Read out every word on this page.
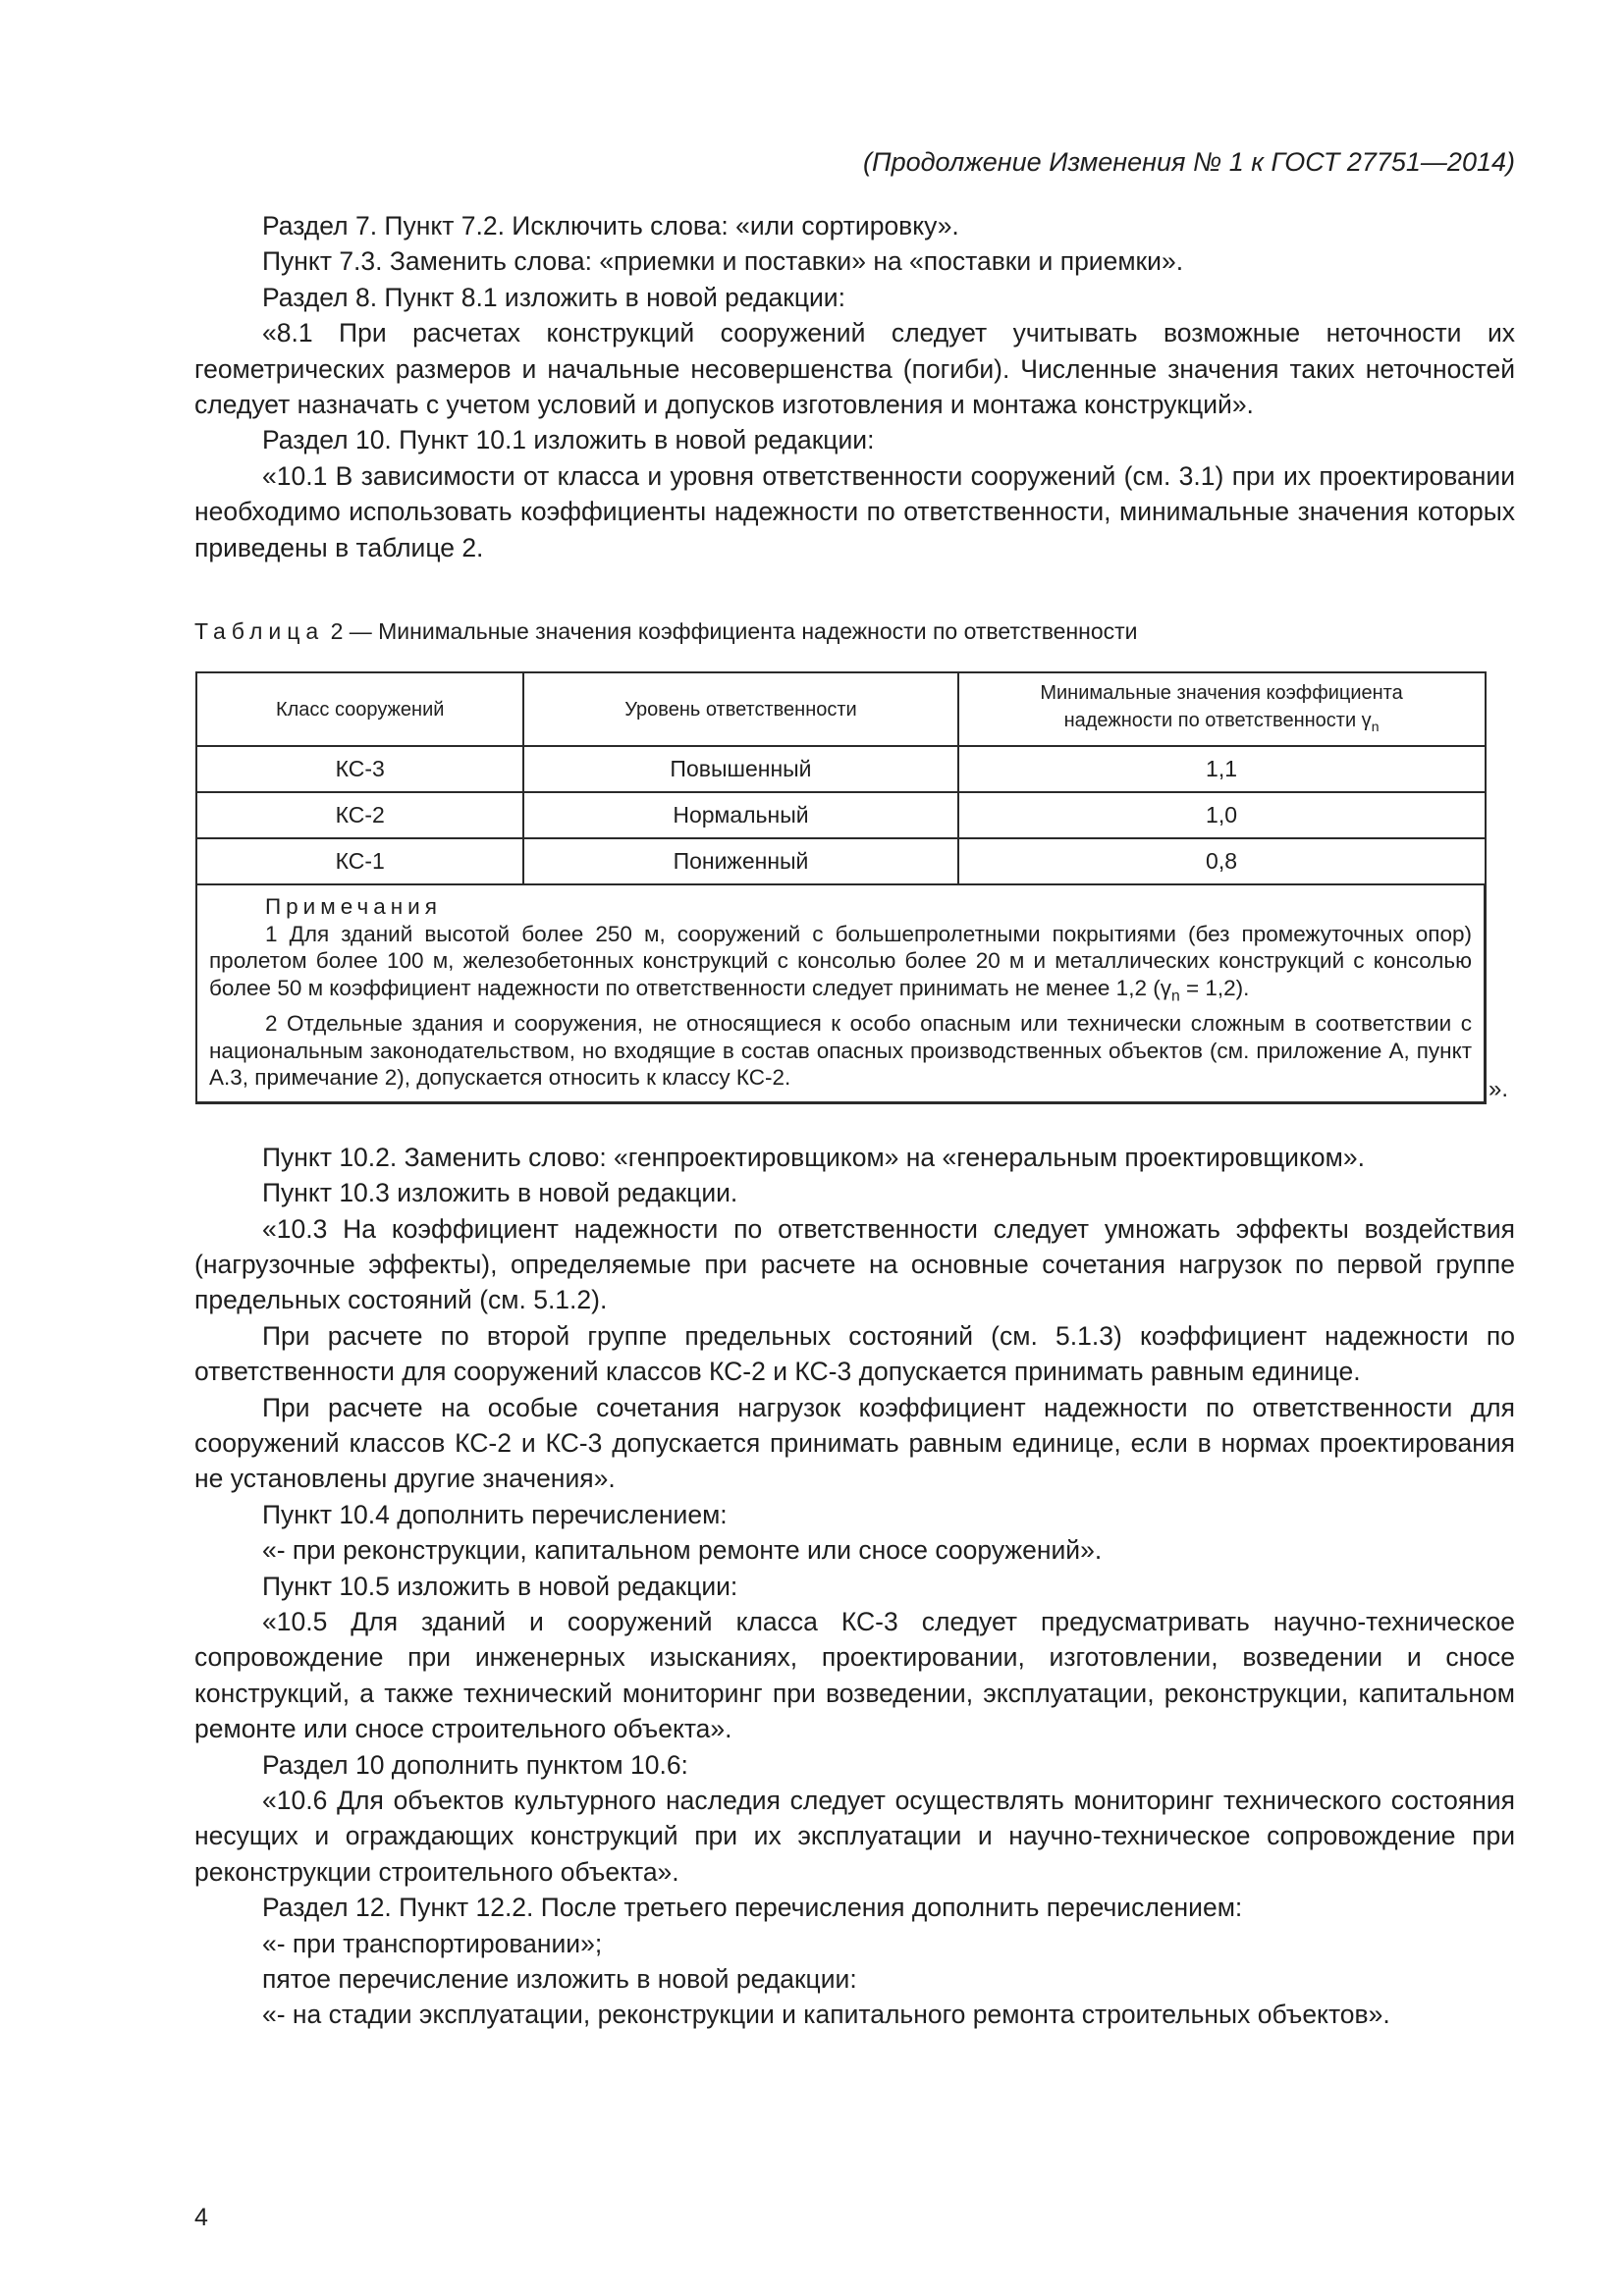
(Продолжение Изменения № 1 к ГОСТ 27751—2014)

Раздел 7. Пункт 7.2. Исключить слова: «или сортировку».

Пункт 7.3. Заменить слова: «приемки и поставки» на «поставки и приемки».

Раздел 8. Пункт 8.1 изложить в новой редакции:

«8.1 При расчетах конструкций сооружений следует учитывать возможные неточности их геометрических размеров и начальные несовершенства (погиби). Численные значения таких неточностей следует назначать с учетом условий и допусков изготовления и монтажа конструкций».

Раздел 10. Пункт 10.1 изложить в новой редакции:

«10.1 В зависимости от класса и уровня ответственности сооружений (см. 3.1) при их проектировании необходимо использовать коэффициенты надежности по ответственности, минимальные значения которых приведены в таблице 2.

Таблица 2 — Минимальные значения коэффициента надежности по ответственности
Класс сооружений	Уровень ответственности	Минимальные значения коэффициента
надежности по ответственности $\gamma_n$
КС-3	Повышенный	1,1
КС-2	Нормальный	1,0
КС-1	Пониженный	0,8

Примечания

1 Для зданий высотой более 250 м, сооружений с большепролетными покрытиями (без промежуточных опор) пролетом более 100 м, железобетонных конструкций с консолью более 20 м и металлических конструкций с консолью более 50 м коэффициент надежности по ответственности следует принимать не менее 1,2 $(\gamma_n = 1,2)$.

2 Отдельные здания и сооружения, не относящиеся к особо опасным или технически сложным в соответствии с национальным законодательством, но входящие в состав опасных производственных объектов (см. приложение А, пункт А.3, примечание 2), допускается относить к классу КС-2.			».

Пункт 10.2. Заменить слово: «генпроектировщиком» на «генеральным проектировщиком».

Пункт 10.3 изложить в новой редакции.

«10.3 На коэффициент надежности по ответственности следует умножать эффекты воздействия (нагрузочные эффекты), определяемые при расчете на основные сочетания нагрузок по первой группе предельных состояний (см. 5.1.2).

При расчете по второй группе предельных состояний (см. 5.1.3) коэффициент надежности по ответственности для сооружений классов КС-2 и КС-3 допускается принимать равным единице.

При расчете на особые сочетания нагрузок коэффициент надежности по ответственности для сооружений классов КС-2 и КС-3 допускается принимать равным единице, если в нормах проектирования не установлены другие значения».

Пункт 10.4 дополнить перечислением:

«- при реконструкции, капитальном ремонте или сносе сооружений».

Пункт 10.5 изложить в новой редакции:

«10.5 Для зданий и сооружений класса КС-3 следует предусматривать научно-техническое сопровождение при инженерных изысканиях, проектировании, изготовлении, возведении и сносе конструкций, а также технический мониторинг при возведении, эксплуатации, реконструкции, капитальном ремонте или сносе строительного объекта».

Раздел 10 дополнить пунктом 10.6:

«10.6 Для объектов культурного наследия следует осуществлять мониторинг технического состояния несущих и ограждающих конструкций при их эксплуатации и научно-техническое сопровождение при реконструкции строительного объекта».

Раздел 12. Пункт 12.2. После третьего перечисления дополнить перечислением:

«- при транспортировании»;

пятое перечисление изложить в новой редакции:

«- на стадии эксплуатации, реконструкции и капитального ремонта строительных объектов».

4
